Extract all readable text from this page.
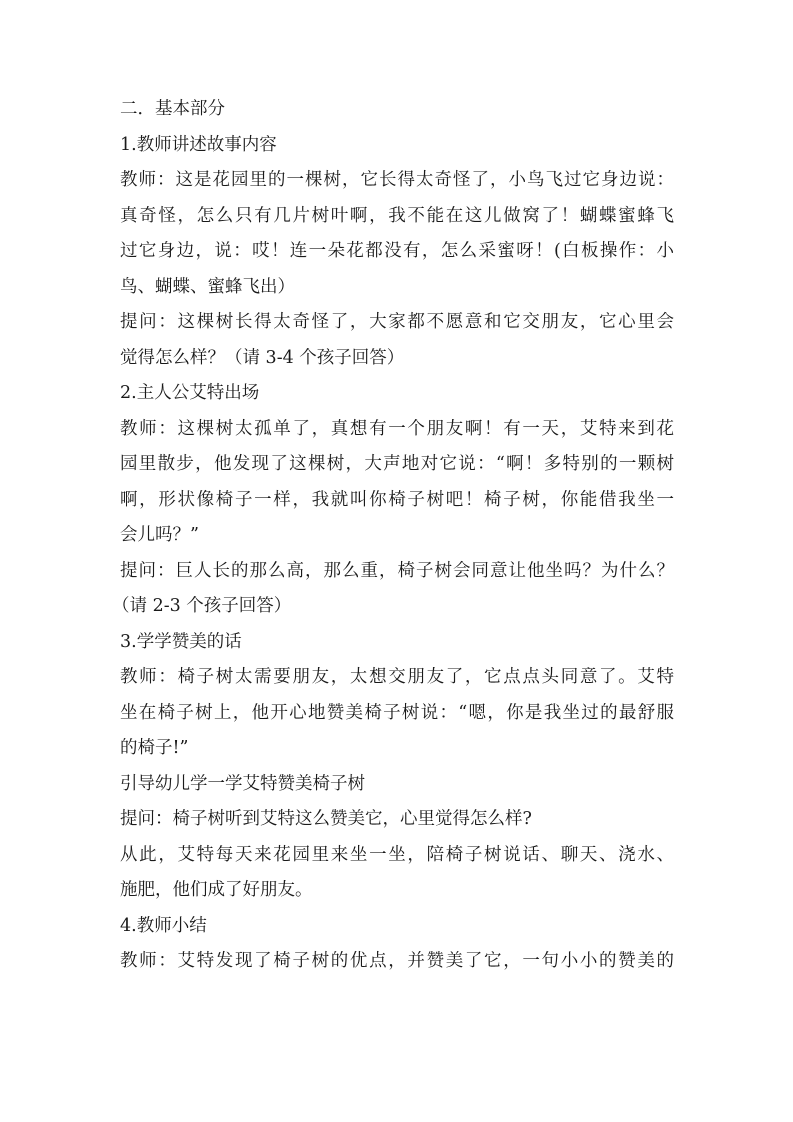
二．基本部分
1.教师讲述故事内容
教师：这是花园里的一棵树，它长得太奇怪了，小鸟飞过它身边说：
真奇怪，怎么只有几片树叶啊，我不能在这儿做窝了！蝴蝶蜜蜂飞
过它身边，说：哎！连一朵花都没有，怎么采蜜呀！(白板操作：小
鸟、蝴蝶、蜜蜂飞出）
提问：这棵树长得太奇怪了，大家都不愿意和它交朋友，它心里会
觉得怎么样？（请 3-4 个孩子回答）
2.主人公艾特出场
教师：这棵树太孤单了，真想有一个朋友啊！有一天，艾特来到花
园里散步，他发现了这棵树，大声地对它说：“啊！多特别的一颗树
啊，形状像椅子一样，我就叫你椅子树吧！椅子树，你能借我坐一
会儿吗？”
提问：巨人长的那么高，那么重，椅子树会同意让他坐吗？为什么？
（请 2-3 个孩子回答）
3.学学赞美的话
教师：椅子树太需要朋友，太想交朋友了，它点点头同意了。艾特
坐在椅子树上，他开心地赞美椅子树说：“嗯，你是我坐过的最舒服
的椅子!”
引导幼儿学一学艾特赞美椅子树
提问：椅子树听到艾特这么赞美它，心里觉得怎么样?
从此，艾特每天来花园里来坐一坐，陪椅子树说话、聊天、浇水、
施肥，他们成了好朋友。
4.教师小结
教师：艾特发现了椅子树的优点，并赞美了它，一句小小的赞美的
